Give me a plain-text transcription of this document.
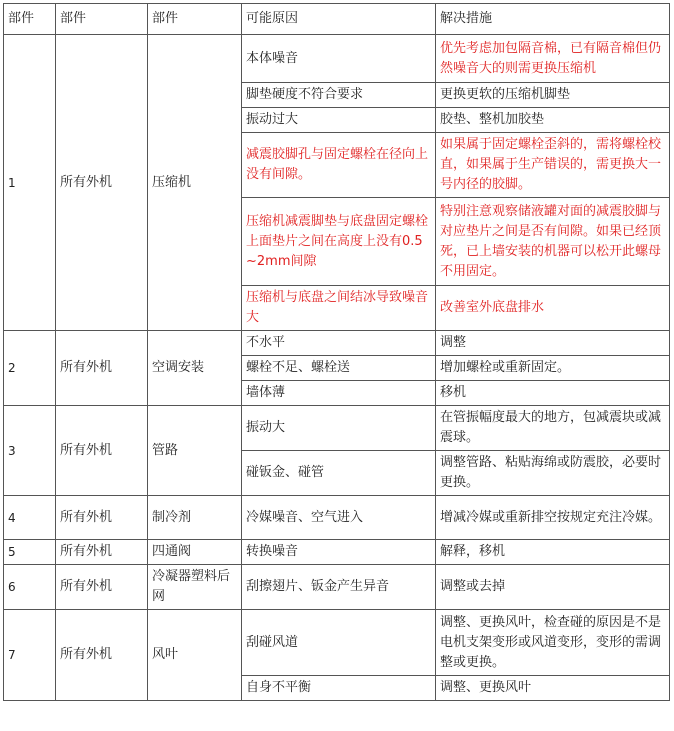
部件	部件	部件	可能原因	解决措施
1	所有外机	压缩机	本体噪音	优先考虑加包隔音棉，已有隔音棉但仍然噪音大的则需更换压缩机
			脚垫硬度不符合要求	更换更软的压缩机脚垫
			振动过大	胶垫、整机加胶垫
			减震胶脚孔与固定螺栓在径向上没有间隙。	如果属于固定螺栓歪斜的，需将螺栓校直，如果属于生产错误的，需更换大一号内径的胶脚。
			压缩机减震脚垫与底盘固定螺栓上面垫片之间在高度上没有0.5~2mm间隙	特别注意观察储液罐对面的减震胶脚与对应垫片之间是否有间隙。如果已经顶死，已上墙安装的机器可以松开此螺母不用固定。
			压缩机与底盘之间结冰导致噪音大	改善室外底盘排水
2	所有外机	空调安装	不水平	调整
			螺栓不足、螺栓送	增加螺栓或重新固定。
			墙体薄	移机
3	所有外机	管路	振动大	在管振幅度最大的地方，包减震块或减震球。
			碰钣金、碰管	调整管路、粘贴海绵或防震胶，必要时更换。
4	所有外机	制冷剂	冷媒噪音、空气进入	增减冷媒或重新排空按规定充注冷媒。
5	所有外机	四通阀	转换噪音	解释，移机
6	所有外机	冷凝器塑料后网	刮擦翅片、钣金产生异音	调整或去掉
7	所有外机	风叶	刮碰风道	调整、更换风叶，检查碰的原因是不是电机支架变形或风道变形，变形的需调整或更换。
			自身不平衡	调整、更换风叶
